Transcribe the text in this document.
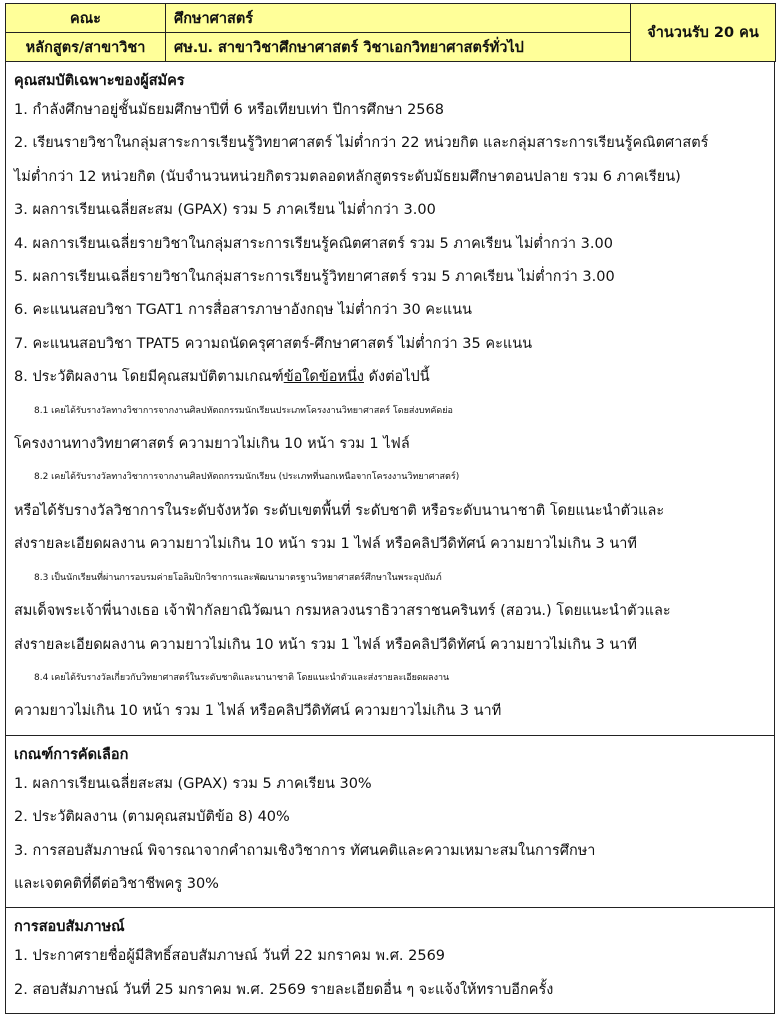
คณะ	ศึกษาศาสตร์	จำนวนรับ 20 คน
หลักสูตร/สาขาวิชา	ศษ.บ. สาขาวิชาศึกษาศาสตร์ วิชาเอกวิทยาศาสตร์ทั่วไป	
คุณสมบัติเฉพาะของผู้สมัคร
1. กำลังศึกษาอยู่ชั้นมัธยมศึกษาปีที่ 6 หรือเทียบเท่า ปีการศึกษา 2568
2. เรียนรายวิชาในกลุ่มสาระการเรียนรู้วิทยาศาสตร์ ไม่ต่ำกว่า 22 หน่วยกิต และกลุ่มสาระการเรียนรู้คณิตศาสตร์
ไม่ต่ำกว่า 12 หน่วยกิต (นับจำนวนหน่วยกิตรวมตลอดหลักสูตรระดับมัธยมศึกษาตอนปลาย รวม 6 ภาคเรียน)
3. ผลการเรียนเฉลี่ยสะสม (GPAX) รวม 5 ภาคเรียน ไม่ต่ำกว่า 3.00
4. ผลการเรียนเฉลี่ยรายวิชาในกลุ่มสาระการเรียนรู้คณิตศาสตร์ รวม 5 ภาคเรียน ไม่ต่ำกว่า 3.00
5. ผลการเรียนเฉลี่ยรายวิชาในกลุ่มสาระการเรียนรู้วิทยาศาสตร์ รวม 5 ภาคเรียน ไม่ต่ำกว่า 3.00
6. คะแนนสอบวิชา TGAT1 การสื่อสารภาษาอังกฤษ ไม่ต่ำกว่า 30 คะแนน
7. คะแนนสอบวิชา TPAT5 ความถนัดครุศาสตร์-ศึกษาศาสตร์ ไม่ต่ำกว่า 35 คะแนน
8. ประวัติผลงาน โดยมีคุณสมบัติตามเกณฑ์ข้อใดข้อหนึ่ง ดังต่อไปนี้
8.1 เคยได้รับรางวัลทางวิชาการจากงานศิลปหัตถกรรมนักเรียนประเภทโครงงานวิทยาศาสตร์ โดยส่งบทคัดย่อ
โครงงานทางวิทยาศาสตร์ ความยาวไม่เกิน 10 หน้า รวม 1 ไฟล์
8.2 เคยได้รับรางวัลทางวิชาการจากงานศิลปหัตถกรรมนักเรียน (ประเภทที่นอกเหนือจากโครงงานวิทยาศาสตร์)
หรือได้รับรางวัลวิชาการในระดับจังหวัด ระดับเขตพื้นที่ ระดับชาติ หรือระดับนานาชาติ โดยแนะนำตัวและ
ส่งรายละเอียดผลงาน ความยาวไม่เกิน 10 หน้า รวม 1 ไฟล์ หรือคลิปวีดิทัศน์ ความยาวไม่เกิน 3 นาที
8.3 เป็นนักเรียนที่ผ่านการอบรมค่ายโอลิมปิกวิชาการและพัฒนามาตรฐานวิทยาศาสตร์ศึกษาในพระอุปถัมภ์
สมเด็จพระเจ้าพี่นางเธอ เจ้าฟ้ากัลยาณิวัฒนา กรมหลวงนราธิวาสราชนครินทร์ (สอวน.) โดยแนะนำตัวและ
ส่งรายละเอียดผลงาน ความยาวไม่เกิน 10 หน้า รวม 1 ไฟล์ หรือคลิปวีดิทัศน์ ความยาวไม่เกิน 3 นาที
8.4 เคยได้รับรางวัลเกี่ยวกับวิทยาศาสตร์ในระดับชาติและนานาชาติ โดยแนะนำตัวและส่งรายละเอียดผลงาน
ความยาวไม่เกิน 10 หน้า รวม 1 ไฟล์ หรือคลิปวีดิทัศน์ ความยาวไม่เกิน 3 นาที
เกณฑ์การคัดเลือก
1. ผลการเรียนเฉลี่ยสะสม (GPAX) รวม 5 ภาคเรียน 30%
2. ประวัติผลงาน (ตามคุณสมบัติข้อ 8) 40%
3. การสอบสัมภาษณ์ พิจารณาจากคำถามเชิงวิชาการ ทัศนคติและความเหมาะสมในการศึกษา
และเจตคติที่ดีต่อวิชาชีพครู 30%
การสอบสัมภาษณ์
1. ประกาศรายชื่อผู้มีสิทธิ์สอบสัมภาษณ์ วันที่ 22 มกราคม พ.ศ. 2569
2. สอบสัมภาษณ์ วันที่ 25 มกราคม พ.ศ. 2569 รายละเอียดอื่น ๆ จะแจ้งให้ทราบอีกครั้ง
